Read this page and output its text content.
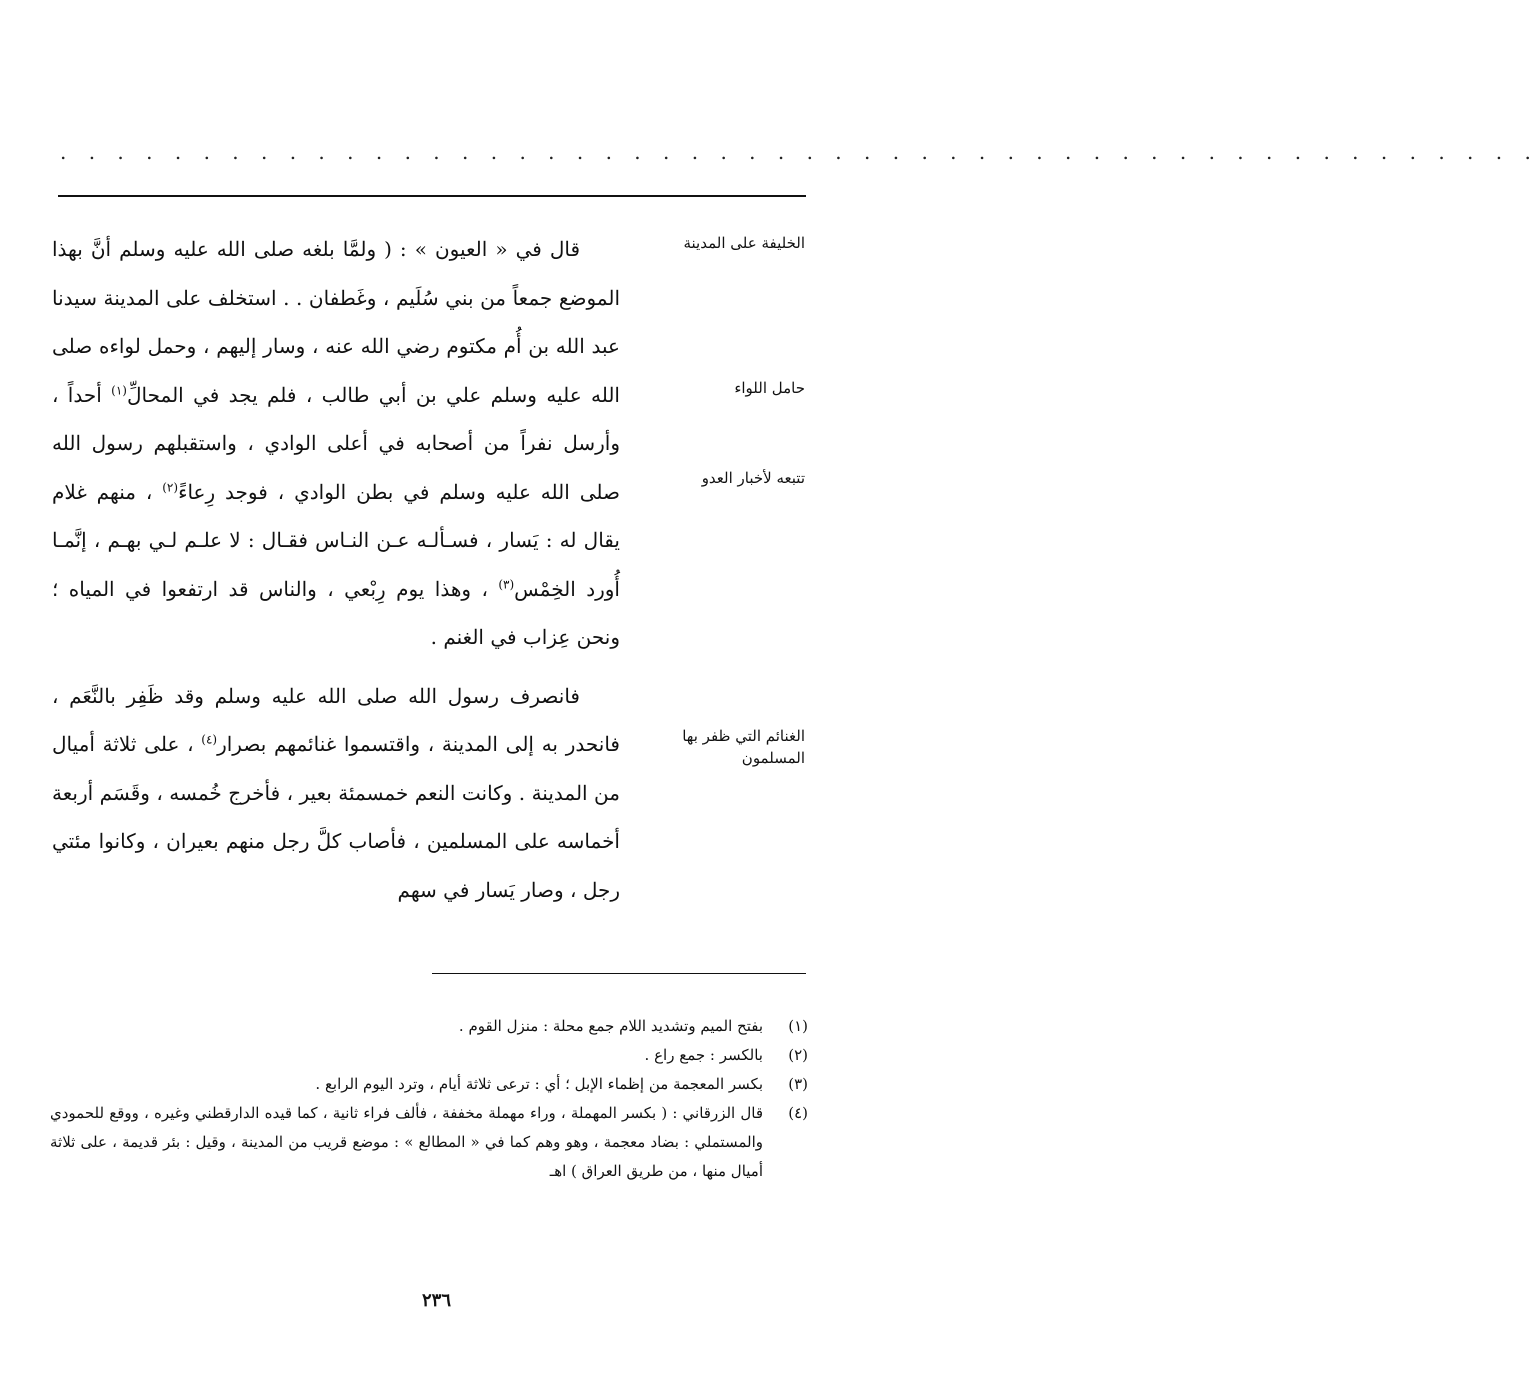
. . . . . . . . . . . . . . . . . . . . . . . . . . . . . . . . . . . . . . . . . . . . . . . . . . . .
الخليفة على المدينة
حامل اللواء
تتبعه لأخبار العدو
الغنائم التي ظفر بها المسلمون

قال في « العيون » : ( ولمَّا بلغه صلى الله عليه وسلم أنَّ بهذا الموضع جمعاً من بني سُلَيم ، وغَطفان . . استخلف على المدينة سيدنا عبد الله بن أُم مكتوم رضي الله عنه ، وسار إليهم ، وحمل لواءه صلى الله عليه وسلم علي بن أبي طالب ، فلم يجد في المحالِّ$^{(١)}$ أحداً ، وأرسل نفراً من أصحابه في أعلى الوادي ، واستقبلهم رسول الله صلى الله عليه وسلم في بطن الوادي ، فوجد رِعاءً$^{(٢)}$ ، منهم غلام يقال له : يَسار ، فسـألـه عـن النـاس فقـال : لا علـم لـي بهـم ، إنَّمـا أُورد الخِمْس$^{(٣)}$ ، وهذا يوم رِبْعي ، والناس قد ارتفعوا في المياه ؛ ونحن عِزاب في الغنم .

فانصرف رسول الله صلى الله عليه وسلم وقد ظَفِر بالنَّعَم ، فانحدر به إلى المدينة ، واقتسموا غنائمهم بصرار$^{(٤)}$ ، على ثلاثة أميال من المدينة . وكانت النعم خمسمئة بعير ، فأخرج خُمسه ، وقَسَم أربعة أخماسه على المسلمين ، فأصاب كلَّ رجل منهم بعيران ، وكانوا مئتي رجل ، وصار يَسار في سهم

(١)
بفتح الميم وتشديد اللام جمع محلة : منزل القوم .
(٢)
بالكسر : جمع راع .
(٣)
بكسر المعجمة من إظماء الإبل ؛ أي : ترعى ثلاثة أيام ، وترد اليوم الرابع .
(٤)
قال الزرقاني : ( بكسر المهملة ، وراء مهملة مخففة ، فألف فراء ثانية ، كما قيده الدارقطني وغيره ، ووقع للحمودي والمستملي : بضاد معجمة ، وهو وهم كما في « المطالع » : موضع قريب من المدينة ، وقيل : بئر قديمة ، على ثلاثة أميال منها ، من طريق العراق ) اهـ
٢٣٦
